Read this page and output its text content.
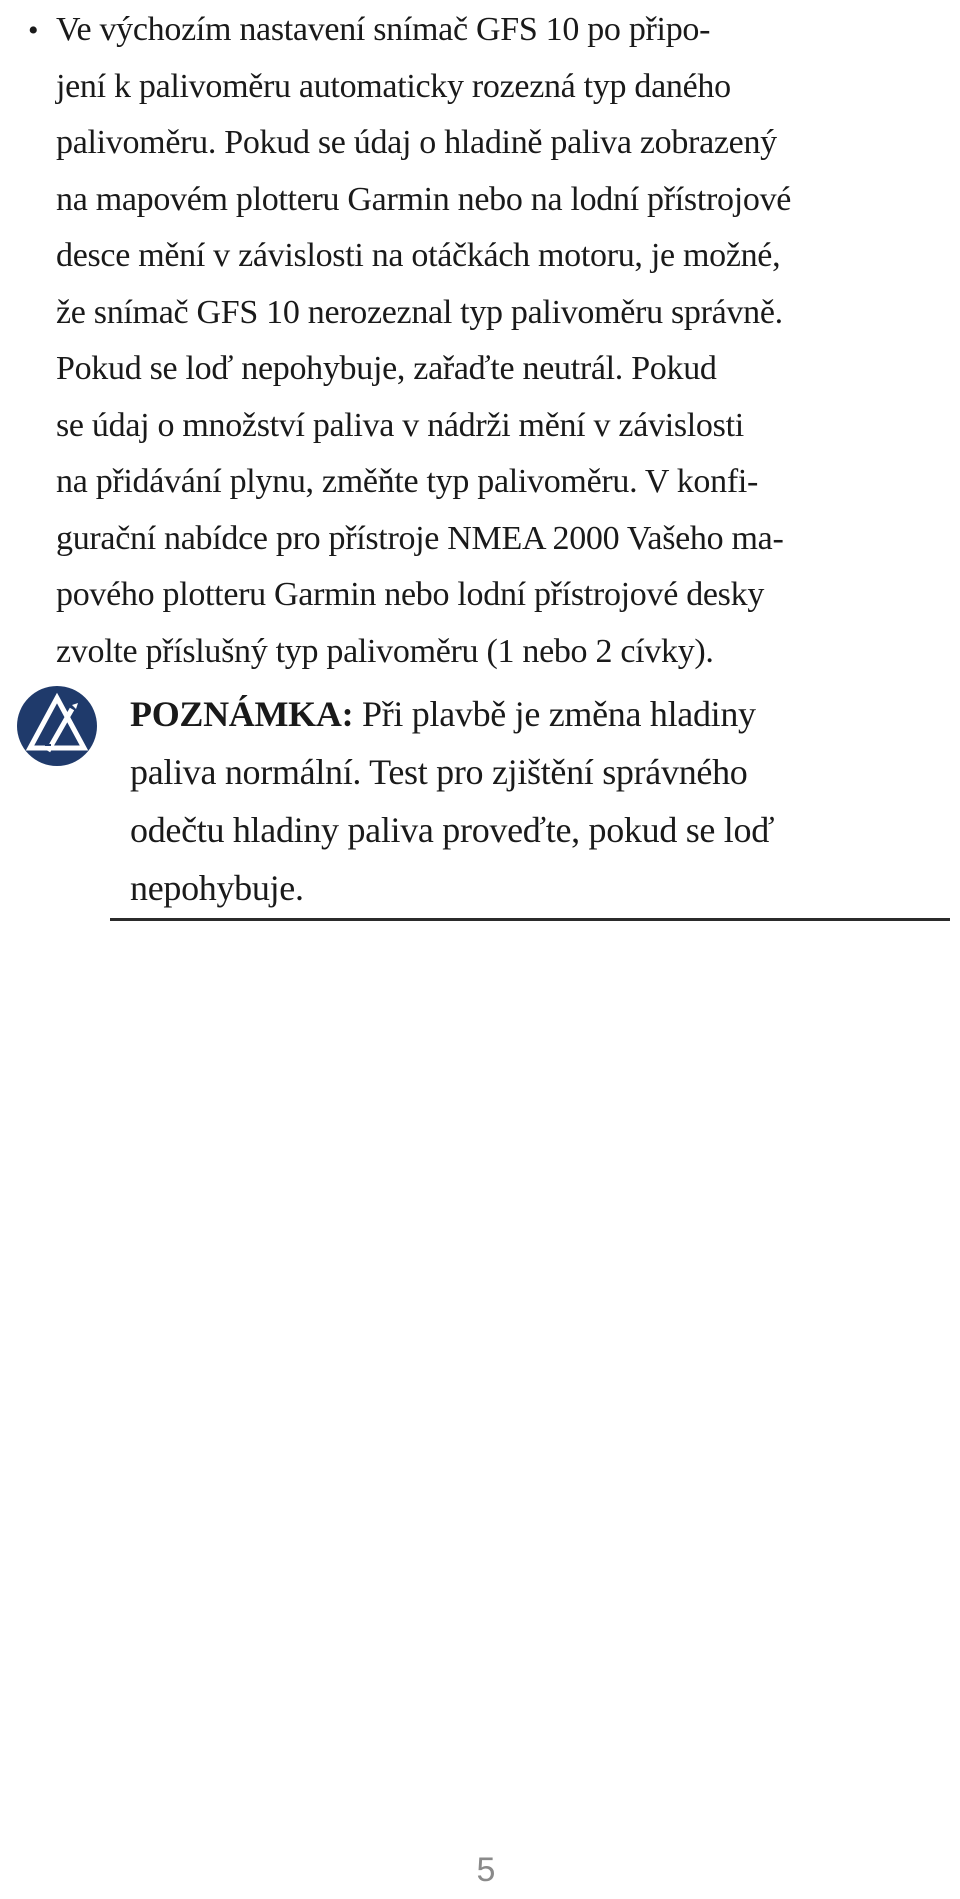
• Ve výchozím nastavení snímač GFS 10 po připo-
jení k palivoměru automaticky rozezná typ daného
palivoměru. Pokud se údaj o hladině paliva zobrazený
na mapovém plotteru Garmin nebo na lodní přístrojové
desce mění v závislosti na otáčkách motoru, je možné,
že snímač GFS 10 nerozeznal typ palivoměru správně.
Pokud se loď nepohybuje, zařaďte neutrál. Pokud
se údaj o množství paliva v nádrži mění v závislosti
na přidávání plynu, změňte typ palivoměru. V konfi-
gurační nabídce pro přístroje NMEA 2000 Vašeho ma-
pového plotteru Garmin nebo lodní přístrojové desky
zvolte příslušný typ palivoměru (1 nebo 2 cívky).
POZNÁMKA: Při plavbě je změna hladiny
paliva normální. Test pro zjištění správného
odečtu hladiny paliva proveďte, pokud se loď
nepohybuje.
5
